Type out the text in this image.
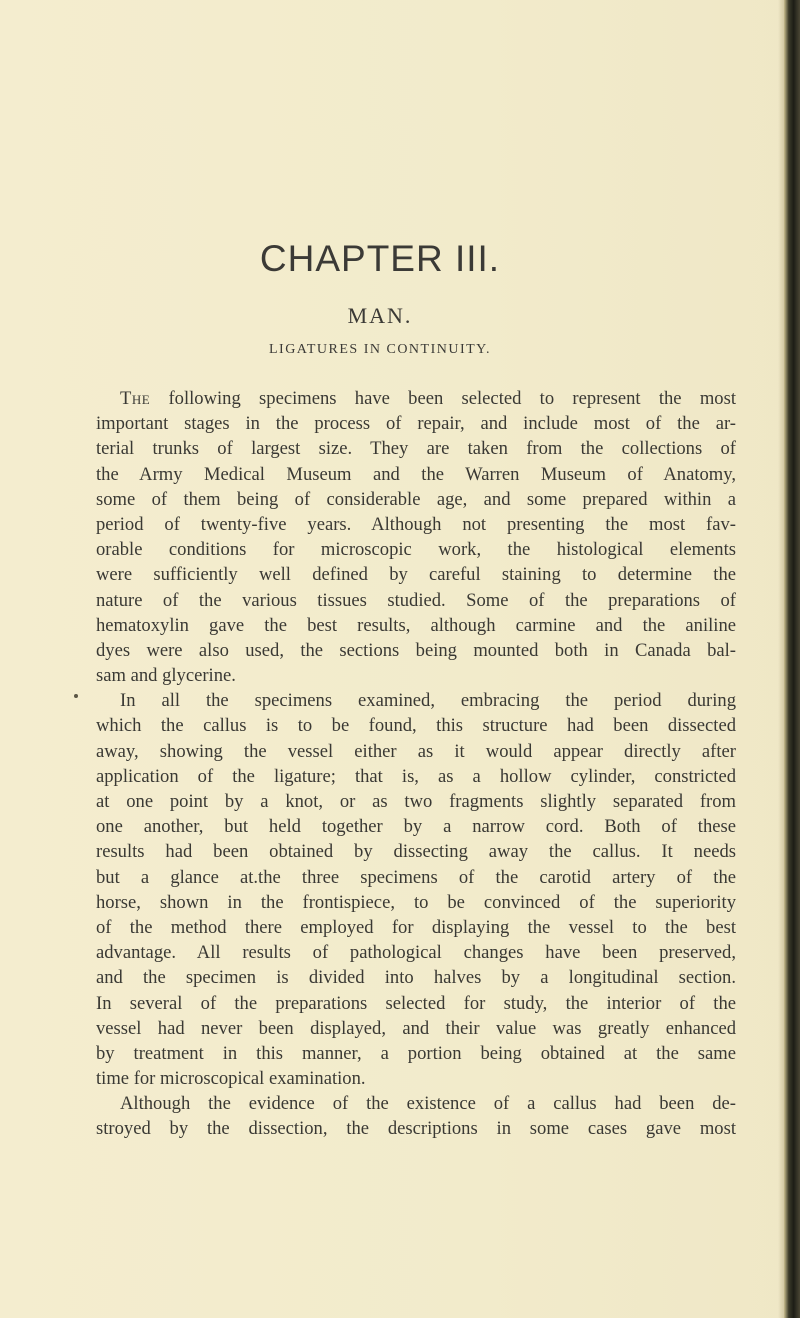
CHAPTER III.
MAN.
LIGATURES IN CONTINUITY.
The following specimens have been selected to represent the most
important stages in the process of repair, and include most of the ar-
terial trunks of largest size. They are taken from the collections of
the Army Medical Museum and the Warren Museum of Anatomy,
some of them being of considerable age, and some prepared within a
period of twenty-five years. Although not presenting the most fav-
orable conditions for microscopic work, the histological elements
were sufficiently well defined by careful staining to determine the
nature of the various tissues studied. Some of the preparations of
hematoxylin gave the best results, although carmine and the aniline
dyes were also used, the sections being mounted both in Canada bal-
sam and glycerine.
In all the specimens examined, embracing the period during
which the callus is to be found, this structure had been dissected
away, showing the vessel either as it would appear directly after
application of the ligature; that is, as a hollow cylinder, constricted
at one point by a knot, or as two fragments slightly separated from
one another, but held together by a narrow cord. Both of these
results had been obtained by dissecting away the callus. It needs
but a glance at.the three specimens of the carotid artery of the
horse, shown in the frontispiece, to be convinced of the superiority
of the method there employed for displaying the vessel to the best
advantage. All results of pathological changes have been preserved,
and the specimen is divided into halves by a longitudinal section.
In several of the preparations selected for study, the interior of the
vessel had never been displayed, and their value was greatly enhanced
by treatment in this manner, a portion being obtained at the same
time for microscopical examination.
Although the evidence of the existence of a callus had been de-
stroyed by the dissection, the descriptions in some cases gave most
